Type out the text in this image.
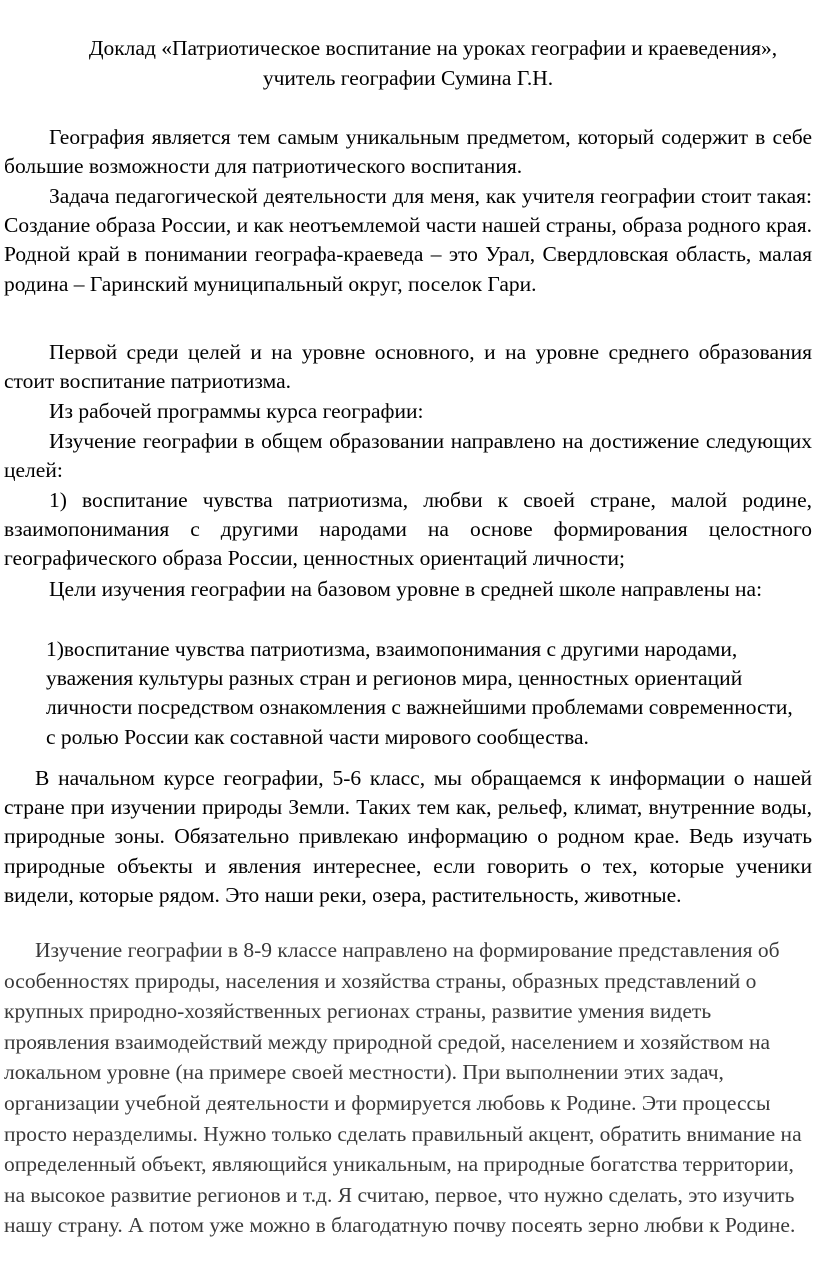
Доклад «Патриотическое воспитание на уроках географии и краеведения»,
учитель географии Сумина Г.Н.

География является тем самым уникальным предметом, который содержит в себе большие возможности для патриотического воспитания.

Задача педагогической деятельности для меня, как учителя географии стоит такая: Создание образа России, и как неотъемлемой части нашей страны, образа родного края. Родной край в понимании географа-краеведа – это Урал, Свердловская область, малая родина – Гаринский муниципальный округ, поселок Гари.

Первой среди целей и на уровне основного, и на уровне среднего образования стоит воспитание патриотизма.

Из рабочей программы курса географии:

Изучение географии в общем образовании направлено на достижение следующих целей:

1) воспитание чувства патриотизма, любви к своей стране, малой родине, взаимопонимания с другими народами на основе формирования целостного географического образа России, ценностных ориентаций личности;

Цели изучения географии на базовом уровне в средней школе направлены на:

1)воспитание чувства патриотизма, взаимопонимания с другими народами, уважения культуры разных стран и регионов мира, ценностных ориентаций личности посредством ознакомления с важнейшими проблемами современности, с ролью России как составной части мирового сообщества.

В начальном курсе географии, 5-6 класс, мы обращаемся к информации о нашей стране при изучении природы Земли. Таких тем как, рельеф, климат, внутренние воды, природные зоны. Обязательно привлекаю информацию о родном крае. Ведь изучать природные объекты и явления интереснее, если говорить о тех, которые ученики видели, которые рядом. Это наши реки, озера, растительность, животные.

Изучение географии в 8-9 классе направлено на формирование представления об особенностях природы, населения и хозяйства страны, образных представлений о крупных природно-хозяйственных регионах страны, развитие умения видеть проявления взаимодействий между природной средой, населением и хозяйством на локальном уровне (на примере своей местности). При выполнении этих задач, организации учебной деятельности и формируется любовь к Родине. Эти процессы просто неразделимы. Нужно только сделать правильный акцент, обратить внимание на определенный объект, являющийся уникальным, на природные богатства территории, на высокое развитие регионов и т.д. Я считаю, первое, что нужно сделать, это изучить нашу страну. А потом уже можно в благодатную почву посеять зерно любви к Родине.
